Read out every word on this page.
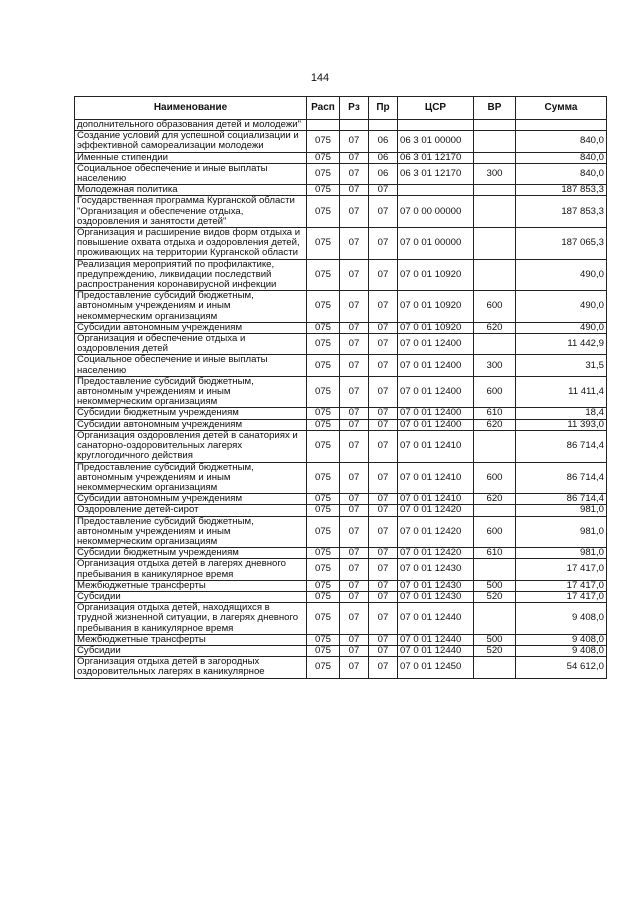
144
Наименование	Расп	Рз	Пр	ЦСР	ВР	Сумма
дополнительного образования детей и молодежи"						
Создание условий для успешной социализации и эффективной самореализации молодежи	075	07	06	06 3 01 00000		840,0
Именные стипендии	075	07	06	06 3 01 12170		840,0
Социальное обеспечение и иные выплаты населению	075	07	06	06 3 01 12170	300	840,0
Молодежная политика	075	07	07			187 853,3
Государственная программа Курганской области "Организация и обеспечение отдыха, оздоровления и занятости детей"	075	07	07	07 0 00 00000		187 853,3
Организация и расширение видов форм отдыха и повышение охвата отдыха и оздоровления детей, проживающих на территории Курганской области	075	07	07	07 0 01 00000		187 065,3
Реализация мероприятий по профилактике, предупреждению, ликвидации последствий распространения коронавирусной инфекции	075	07	07	07 0 01 10920		490,0
Предоставление субсидий бюджетным, автономным учреждениям и иным некоммерческим организациям	075	07	07	07 0 01 10920	600	490,0
Субсидии автономным учреждениям	075	07	07	07 0 01 10920	620	490,0
Организация и обеспечение отдыха и оздоровления детей	075	07	07	07 0 01 12400		11 442,9
Социальное обеспечение и иные выплаты населению	075	07	07	07 0 01 12400	300	31,5
Предоставление субсидий бюджетным, автономным учреждениям и иным некоммерческим организациям	075	07	07	07 0 01 12400	600	11 411,4
Субсидии бюджетным учреждениям	075	07	07	07 0 01 12400	610	18,4
Субсидии автономным учреждениям	075	07	07	07 0 01 12400	620	11 393,0
Организация оздоровления детей в санаториях и санаторно-оздоровительных лагерях круглогодичного действия	075	07	07	07 0 01 12410		86 714,4
Предоставление субсидий бюджетным, автономным учреждениям и иным некоммерческим организациям	075	07	07	07 0 01 12410	600	86 714,4
Субсидии автономным учреждениям	075	07	07	07 0 01 12410	620	86 714,4
Оздоровление детей-сирот	075	07	07	07 0 01 12420		981,0
Предоставление субсидий бюджетным, автономным учреждениям и иным некоммерческим организациям	075	07	07	07 0 01 12420	600	981,0
Субсидии бюджетным учреждениям	075	07	07	07 0 01 12420	610	981,0
Организация отдыха детей в лагерях дневного пребывания в каникулярное время	075	07	07	07 0 01 12430		17 417,0
Межбюджетные трансферты	075	07	07	07 0 01 12430	500	17 417,0
Субсидии	075	07	07	07 0 01 12430	520	17 417,0
Организация отдыха детей, находящихся в трудной жизненной ситуации, в лагерях дневного пребывания в каникулярное время	075	07	07	07 0 01 12440		9 408,0
Межбюджетные трансферты	075	07	07	07 0 01 12440	500	9 408,0
Субсидии	075	07	07	07 0 01 12440	520	9 408,0
Организация отдыха детей в загородных оздоровительных лагерях в каникулярное	075	07	07	07 0 01 12450		54 612,0
